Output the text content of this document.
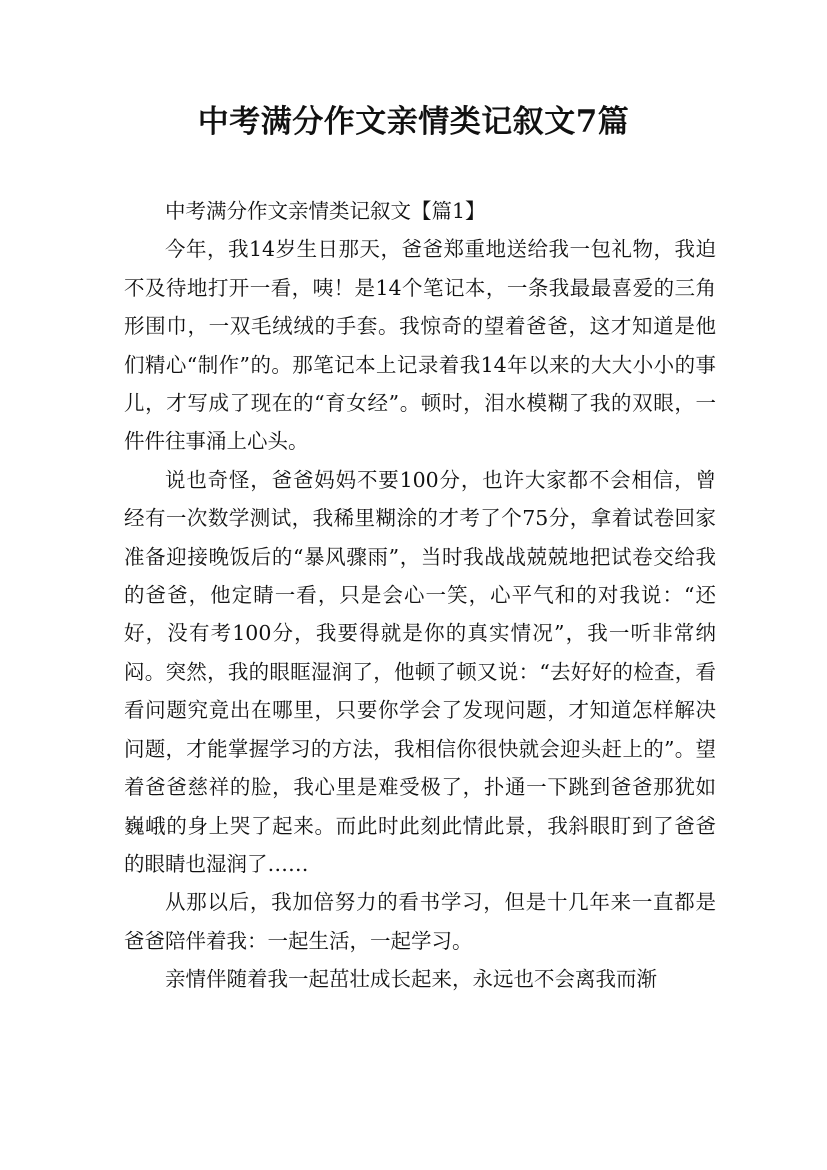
中考满分作文亲情类记叙文7篇

中考满分作文亲情类记叙文【篇1】

今年，我14岁生日那天，爸爸郑重地送给我一包礼物，我迫不及待地打开一看，咦！是14个笔记本，一条我最最喜爱的三角形围巾，一双毛绒绒的手套。我惊奇的望着爸爸，这才知道是他们精心“制作”的。那笔记本上记录着我14年以来的大大小小的事儿，才写成了现在的“育女经”。顿时，泪水模糊了我的双眼，一件件往事涌上心头。

说也奇怪，爸爸妈妈不要100分，也许大家都不会相信，曾经有一次数学测试，我稀里糊涂的才考了个75分，拿着试卷回家准备迎接晚饭后的“暴风骤雨”，当时我战战兢兢地把试卷交给我的爸爸，他定睛一看，只是会心一笑，心平气和的对我说：“还好，没有考100分，我要得就是你的真实情况”，我一听非常纳闷。突然，我的眼眶湿润了，他顿了顿又说：“去好好的检查，看看问题究竟出在哪里，只要你学会了发现问题，才知道怎样解决问题，才能掌握学习的方法，我相信你很快就会迎头赶上的”。望着爸爸慈祥的脸，我心里是难受极了，扑通一下跳到爸爸那犹如巍峨的身上哭了起来。而此时此刻此情此景，我斜眼盯到了爸爸的眼睛也湿润了……

从那以后，我加倍努力的看书学习，但是十几年来一直都是爸爸陪伴着我：一起生活，一起学习。

亲情伴随着我一起茁壮成长起来，永远也不会离我而渐
